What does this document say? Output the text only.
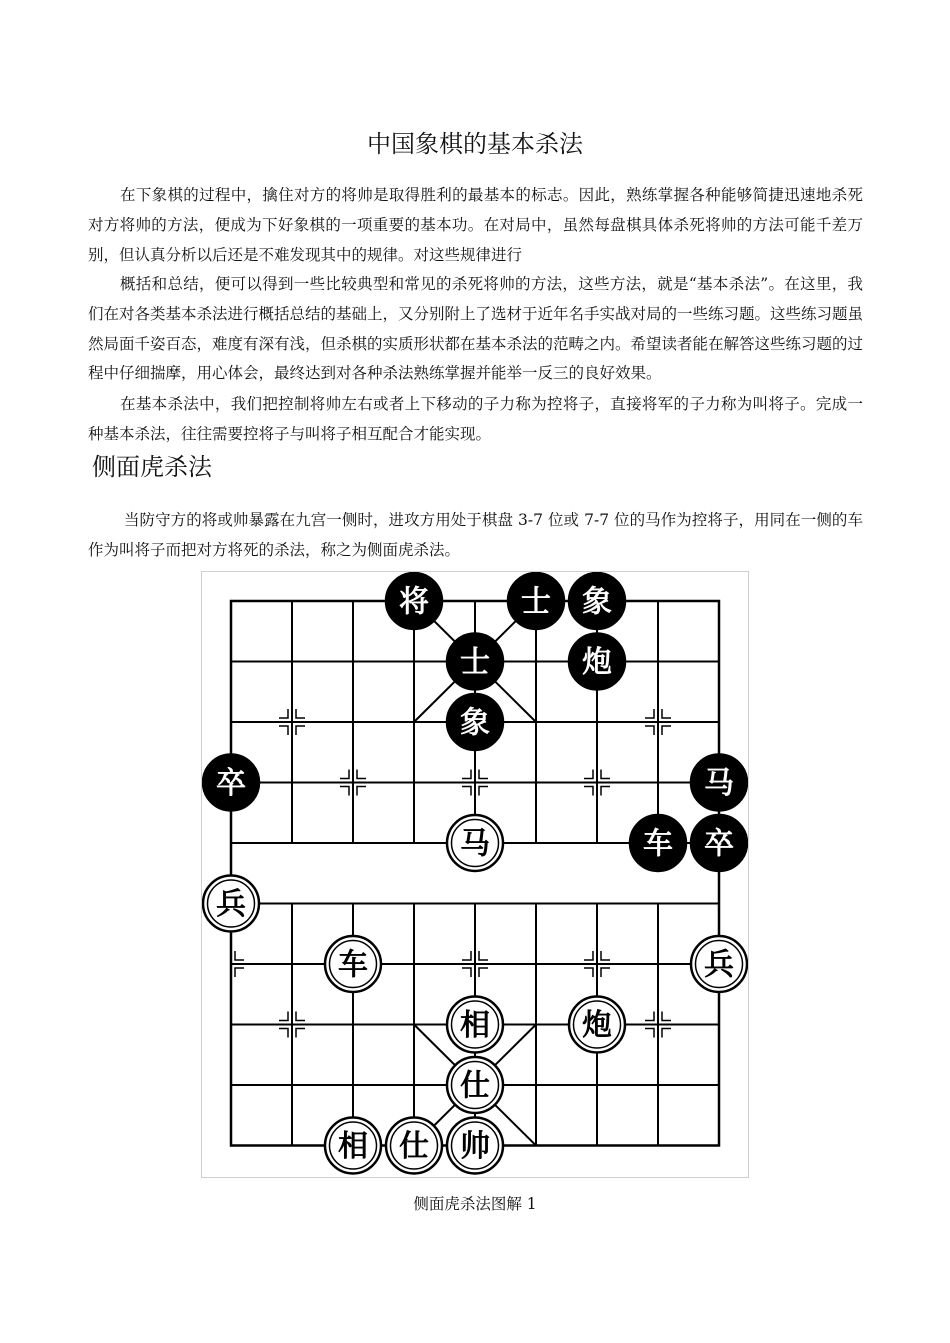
中国象棋的基本杀法

在下象棋的过程中，擒住对方的将帅是取得胜利的最基本的标志。因此，熟练掌握各种能够简捷迅速地杀死对方将帅的方法，便成为下好象棋的一项重要的基本功。在对局中，虽然每盘棋具体杀死将帅的方法可能千差万别，但认真分析以后还是不难发现其中的规律。对这些规律进行

概括和总结，便可以得到一些比较典型和常见的杀死将帅的方法，这些方法，就是“基本杀法”。在这里，我们在对各类基本杀法进行概括总结的基础上，又分别附上了选材于近年名手实战对局的一些练习题。这些练习题虽然局面千姿百态，难度有深有浅，但杀棋的实质形状都在基本杀法的范畴之内。希望读者能在解答这些练习题的过程中仔细揣摩，用心体会，最终达到对各种杀法熟练掌握并能举一反三的良好效果。

在基本杀法中，我们把控制将帅左右或者上下移动的子力称为控将子，直接将军的子力称为叫将子。完成一种基本杀法，往往需要控将子与叫将子相互配合才能实现。

侧面虎杀法

当防守方的将或帅暴露在九宫一侧时，进攻方用处于棋盘 3-7 位或 7-7 位的马作为控将子，用同在一侧的车作为叫将子而把对方将死的杀法，称之为侧面虎杀法。

将	士 象
士	炮
象
卒	马
车 卒
马
兵
车	兵
相	炮
仕
相 仕 帅
侧面虎杀法图解 1
